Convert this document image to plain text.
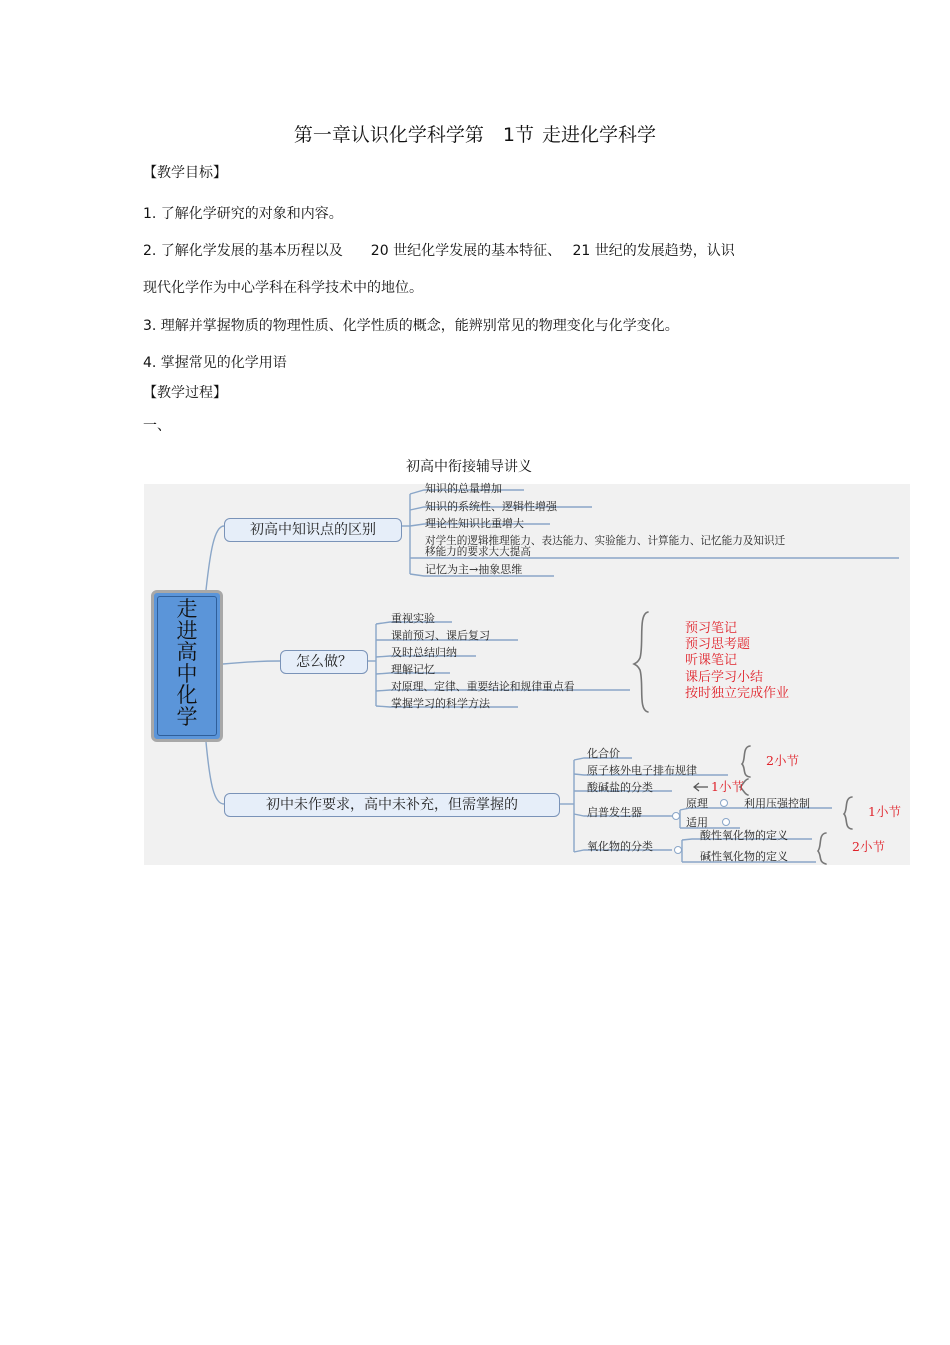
第一章认识化学科学第　1节 走进化学科学
【教学目标】
1. 了解化学研究的对象和内容。
2. 了解化学发展的基本历程以及　　20 世纪化学发展的基本特征、　 21 世纪的发展趋势，认识
现代化学作为中心学科在科学技术中的地位。
3. 理解并掌握物质的物理性质、化学性质的概念，能辨别常见的物理变化与化学变化。
4. 掌握常见的化学用语
【教学过程】
一、
初高中衔接辅导讲义
走进高中化学
初高中知识点的区别
怎么做？
初中未作要求，高中未补充，但需掌握的
知识的总量增加
知识的系统性、逻辑性增强
理论性知识比重增大
对学生的逻辑推理能力、表达能力、实验能力、计算能力、记忆能力及知识迁
移能力的要求大大提高
记忆为主→抽象思维
重视实验
课前预习、课后复习
及时总结归纳
理解记忆
对原理、定律、重要结论和规律重点看
掌握学习的科学方法
预习笔记
预习思考题
听课笔记
课后学习小结
按时独立完成作业
化合价
原子核外电子排布规律
酸碱盐的分类
启普发生器
氧化物的分类
原理
适用
利用压强控制
酸性氧化物的定义
碱性氧化物的定义
2小节
1小节
1小节
2小节
